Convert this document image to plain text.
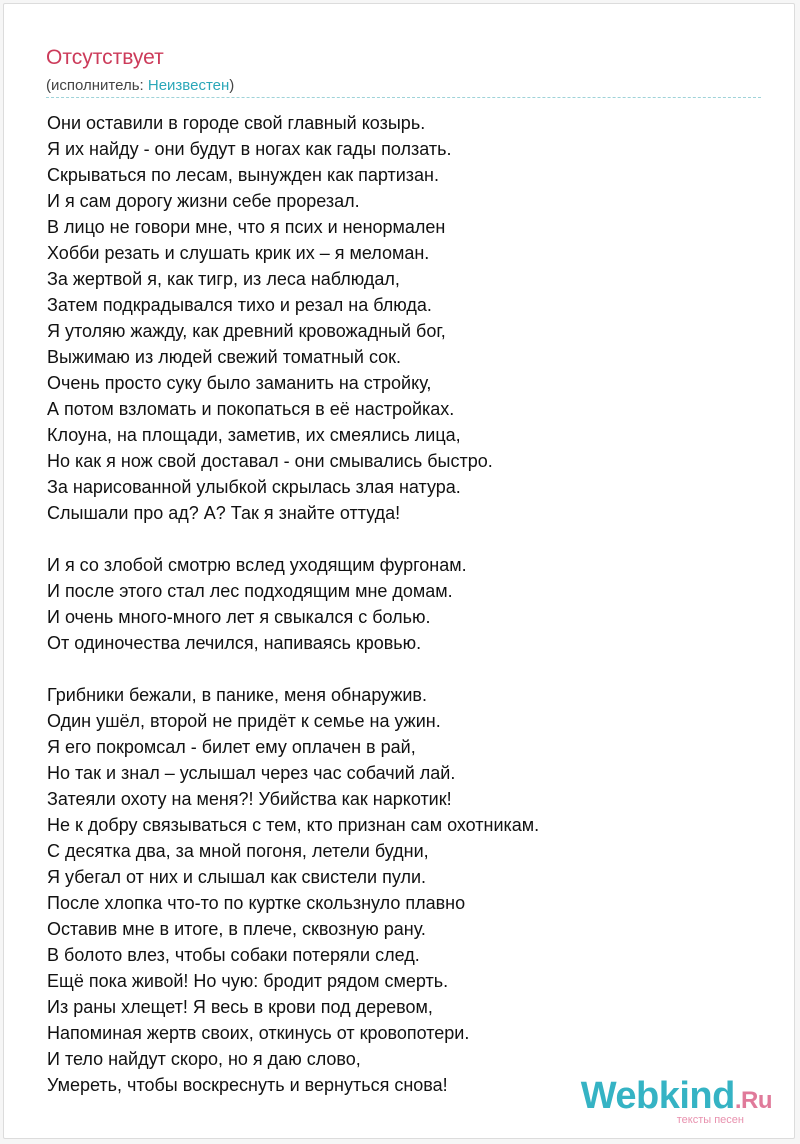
Отсутствует
(исполнитель: Неизвестен)
Они оставили в городе свой главный козырь.
Я их найду - они будут в ногах как гады ползать.
Скрываться по лесам, вынужден как партизан.
И я сам дорогу жизни себе прорезал.
В лицо не говори мне, что я псих и ненормален
Хобби резать и слушать крик их – я меломан.
За жертвой я, как тигр, из леса наблюдал,
Затем подкрадывался тихо и резал на блюда.
Я утоляю жажду, как древний кровожадный бог,
Выжимаю из людей свежий томатный сок.
Очень просто суку было заманить на стройку,
А потом взломать и покопаться в её настройках.
Клоуна, на площади, заметив, их смеялись лица,
Но как я нож свой доставал - они смывались быстро.
За нарисованной улыбкой скрылась злая натура.
Слышали про ад? А? Так я знайте оттуда!
И я со злобой смотрю вслед уходящим фургонам.
И после этого стал лес подходящим мне домам.
И очень много-много лет я свыкался с болью.
От одиночества лечился, напиваясь кровью.
Грибники бежали, в панике, меня обнаружив.
Один ушёл, второй не придёт к семье на ужин.
Я его покромсал - билет ему оплачен в рай,
Но так и знал – услышал через час собачий лай.
Затеяли охоту на меня?! Убийства как наркотик!
Не к добру связываться с тем, кто признан сам охотникам.
С десятка два, за мной погоня, летели будни,
Я убегал от них и слышал как свистели пули.
После хлопка что-то по куртке скользнуло плавно
Оставив мне в итоге, в плече, сквозную рану.
В болото влез, чтобы собаки потеряли след.
Ещё пока живой! Но чую: бродит рядом смерть.
Из раны хлещет! Я весь в крови под деревом,
Напоминая жертв своих, откинусь от кровопотери.
И тело найдут скоро, но я даю слово,
Умереть, чтобы воскреснуть и вернуться снова!	Webkind.Ru
тексты песен
